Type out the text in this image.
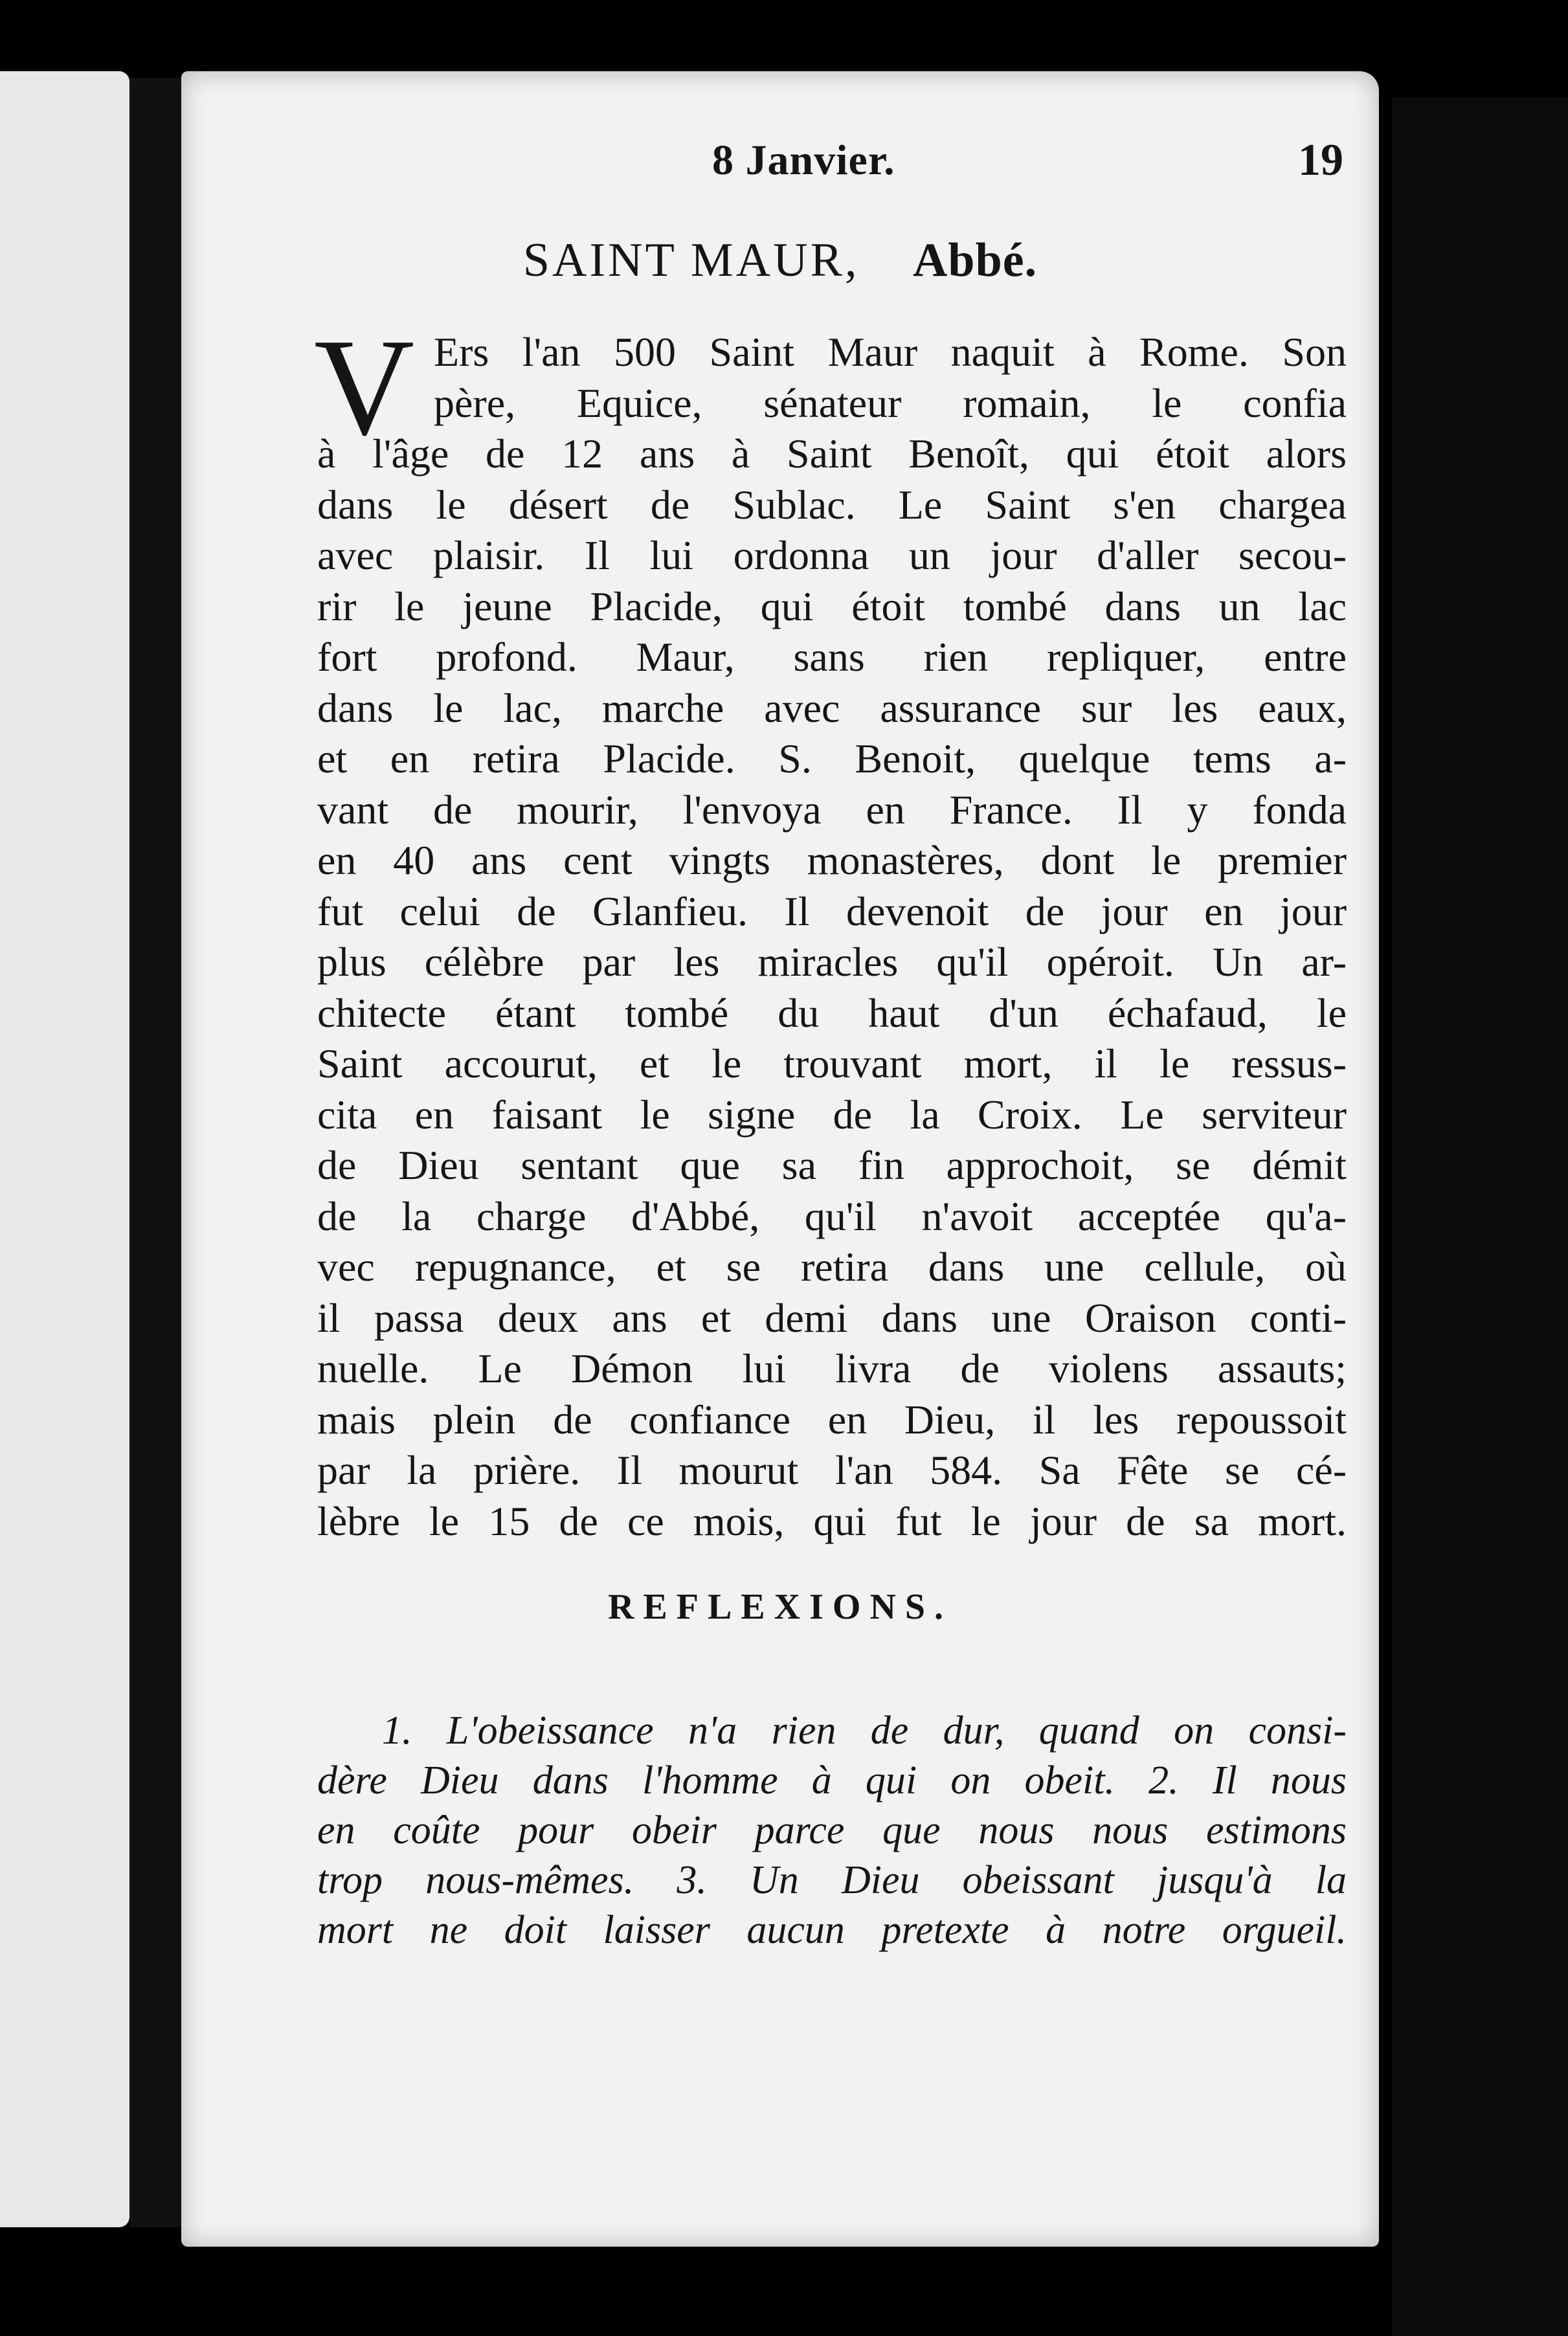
8 Janvier.	19
SAINT MAUR, Abbé.
Ers l'an 500 Saint Maur naquit à Rome. Son
père, Equice, sénateur romain, le confia
à l'âge de 12 ans à Saint Benoît, qui étoit alors
dans le désert de Sublac. Le Saint s'en chargea
avec plaisir. Il lui ordonna un jour d'aller secou-
rir le jeune Placide, qui étoit tombé dans un lac
fort profond. Maur, sans rien repliquer, entre
dans le lac, marche avec assurance sur les eaux,
et en retira Placide. S. Benoit, quelque tems a-
vant de mourir, l'envoya en France. Il y fonda
en 40 ans cent vingts monastères, dont le premier
fut celui de Glanfieu. Il devenoit de jour en jour
plus célèbre par les miracles qu'il opéroit. Un ar-
chitecte étant tombé du haut d'un échafaud, le
Saint accourut, et le trouvant mort, il le ressus-
cita en faisant le signe de la Croix. Le serviteur
de Dieu sentant que sa fin approchoit, se démit
de la charge d'Abbé, qu'il n'avoit acceptée qu'a-
vec repugnance, et se retira dans une cellule, où
il passa deux ans et demi dans une Oraison conti-
nuelle. Le Démon lui livra de violens assauts;
mais plein de confiance en Dieu, il les repoussoit
par la prière. Il mourut l'an 584. Sa Fête se cé-
lèbre le 15 de ce mois, qui fut le jour de sa mort.
V
REFLEXIONS.
1. L'obeissance n'a rien de dur, quand on consi-
dère Dieu dans l'homme à qui on obeit. 2. Il nous
en coûte pour obeir parce que nous nous estimons
trop nous-mêmes. 3. Un Dieu obeissant jusqu'à la
mort ne doit laisser aucun pretexte à notre orgueil.
